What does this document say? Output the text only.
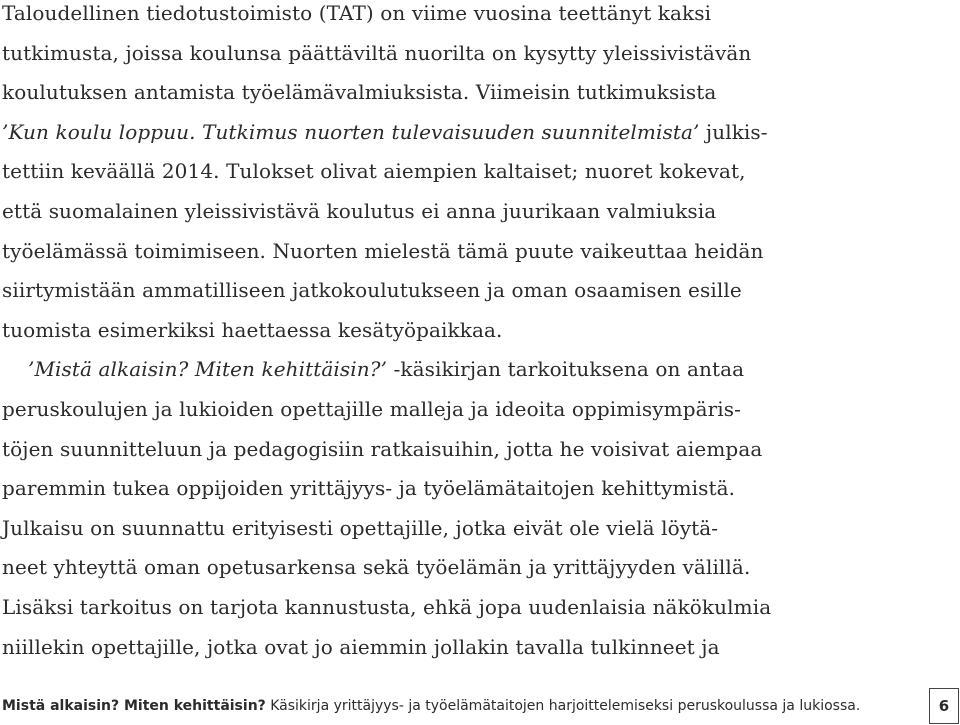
Taloudellinen tiedotustoimisto (TAT) on viime vuosina teettänyt kaksi
tutkimusta, joissa koulunsa päättäviltä nuorilta on kysytty yleissivistävän
koulutuksen antamista työelämävalmiuksista. Viimeisin tutkimuksista
’Kun koulu loppuu. Tutkimus nuorten tulevaisuuden suunnitelmista’ julkis-
tettiin keväällä 2014. Tulokset olivat aiempien kaltaiset; nuoret kokevat,
että suomalainen yleissivistävä koulutus ei anna juurikaan valmiuksia
työelämässä toimimiseen. Nuorten mielestä tämä puute vaikeuttaa heidän
siirtymistään ammatilliseen jatkokoulutukseen ja oman osaamisen esille
tuomista esimerkiksi haettaessa kesätyöpaikkaa.
’Mistä alkaisin? Miten kehittäisin?’ -käsikirjan tarkoituksena on antaa
peruskoulujen ja lukioiden opettajille malleja ja ideoita oppimisympäris-
töjen suunnitteluun ja pedagogisiin ratkaisuihin, jotta he voisivat aiempaa
paremmin tukea oppijoiden yrittäjyys- ja työelämätaitojen kehittymistä.
Julkaisu on suunnattu erityisesti opettajille, jotka eivät ole vielä löytä-
neet yhteyttä oman opetusarkensa sekä työelämän ja yrittäjyyden välillä.
Lisäksi tarkoitus on tarjota kannustusta, ehkä jopa uudenlaisia näkökulmia
niillekin opettajille, jotka ovat jo aiemmin jollakin tavalla tulkinneet ja
Mistä alkaisin? Miten kehittäisin? Käsikirja yrittäjyys- ja työelämätaitojen harjoittelemiseksi peruskoulussa ja lukiossa.	6
